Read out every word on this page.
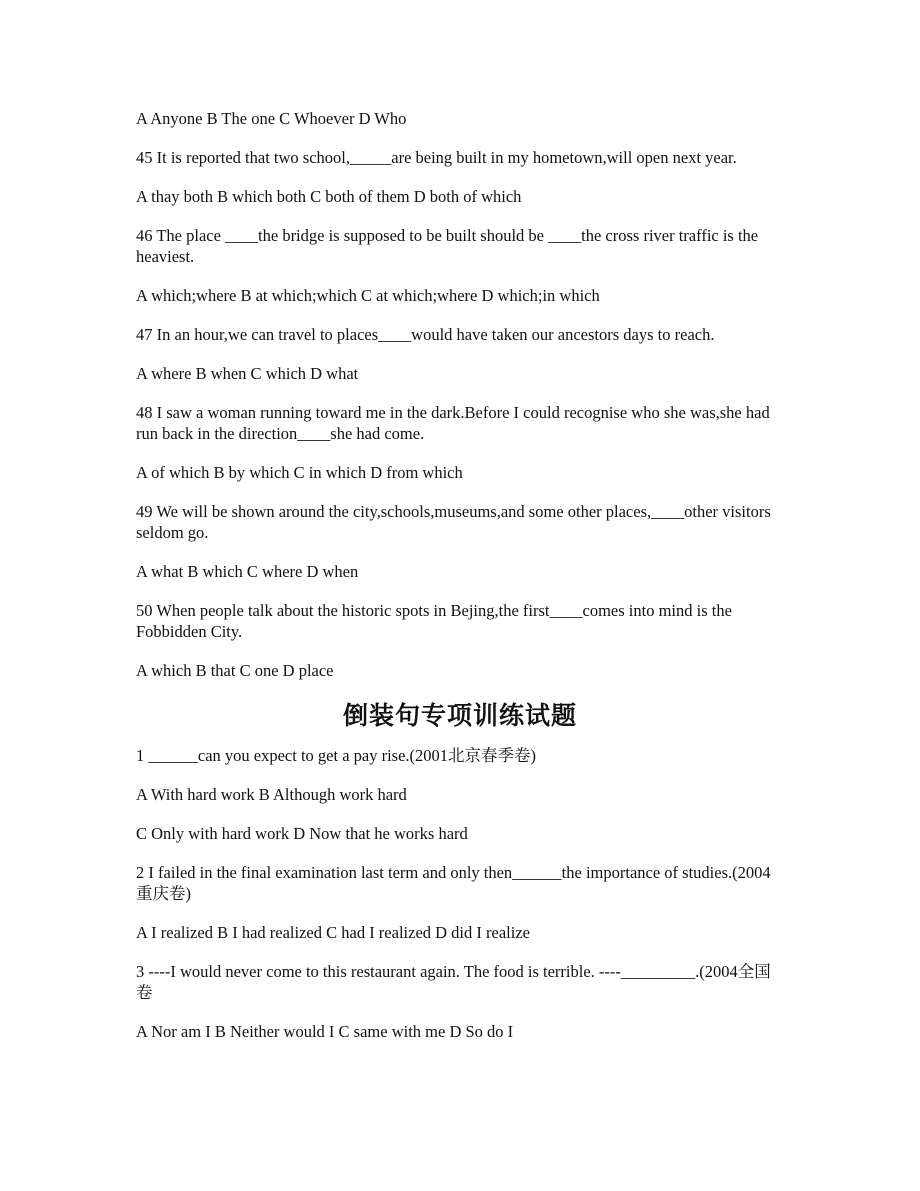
A Anyone B The one C Whoever D Who

45 It is reported that two school,_____are being built in my hometown,will open next year.

A thay both B which both C both of them D both of which

46 The place ____the bridge is supposed to be built should be ____the cross river traffic is the heaviest.

A which;where B at which;which C at which;where D which;in which

47 In an hour,we can travel to places____would have taken our ancestors days to reach.

A where B when C which D what

48 I saw a woman running toward me in the dark.Before I could recognise who she was,she had run back in the direction____she had come.

A of which B by which C in which D from which

49 We will be shown around the city,schools,museums,and some other places,____other visitors seldom go.

A what B which C where D when

50 When people talk about the historic spots in Bejing,the first____comes into mind is the Fobbidden City.

A which B that C one D place

倒装句专项训练试题

1 ______can you expect to get a pay rise.(2001北京春季卷)

A With hard work B Although work hard

C Only with hard work D Now that he works hard

2 I failed in the final examination last term and only then______the importance of studies.(2004重庆卷)

A I realized B I had realized C had I realized D did I realize

3 ----I would never come to this restaurant again. The food is terrible. ----_________.(2004全国卷

A Nor am I B Neither would I C same with me D So do I
